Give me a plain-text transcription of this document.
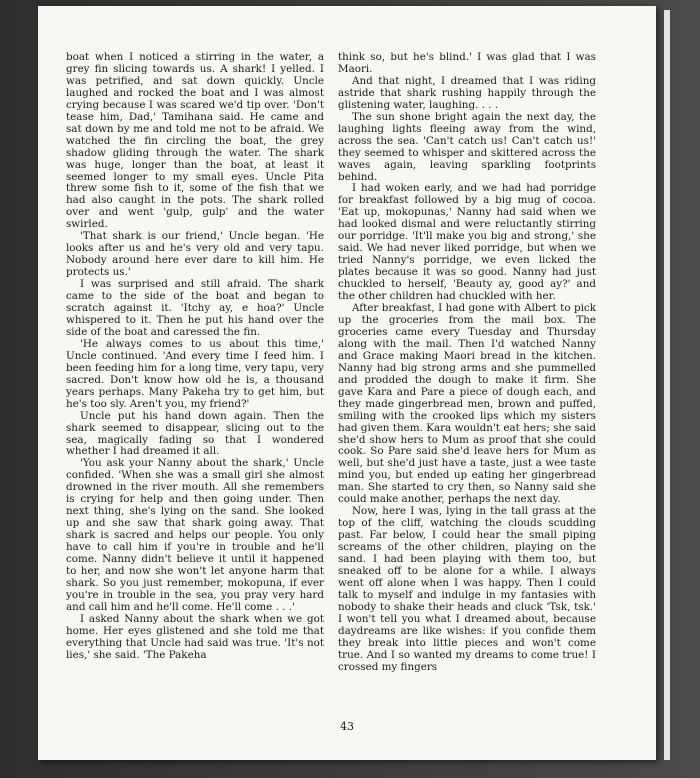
boat when I noticed a stirring in the water, a grey fin slicing towards us. A shark! I yelled. I was petrified, and sat down quickly. Uncle laughed and rocked the boat and I was almost crying because I was scared we'd tip over. 'Don't tease him, Dad,' Tamihana said. He came and sat down by me and told me not to be afraid. We watched the fin circling the boat, the grey shadow gliding through the water. The shark was huge, longer than the boat, at least it seemed longer to my small eyes. Uncle Pita threw some fish to it, some of the fish that we had also caught in the pots. The shark rolled over and went 'gulp, gulp' and the water swirled.

'That shark is our friend,' Uncle began. 'He looks after us and he's very old and very tapu. Nobody around here ever dare to kill him. He protects us.'

I was surprised and still afraid. The shark came to the side of the boat and began to scratch against it. 'Itchy ay, e hoa?' Uncle whispered to it. Then he put his hand over the side of the boat and caressed the fin.

'He always comes to us about this time,' Uncle continued. 'And every time I feed him. I been feeding him for a long time, very tapu, very sacred. Don't know how old he is, a thousand years perhaps. Many Pakeha try to get him, but he's too sly. Aren't you, my friend?'

Uncle put his hand down again. Then the shark seemed to disappear, slicing out to the sea, magically fading so that I wondered whether I had dreamed it all.

'You ask your Nanny about the shark,' Uncle confided. 'When she was a small girl she almost drowned in the river mouth. All she remembers is crying for help and then going under. Then next thing, she's lying on the sand. She looked up and she saw that shark going away. That shark is sacred and helps our people. You only have to call him if you're in trouble and he'll come. Nanny didn't believe it until it happened to her, and now she won't let anyone harm that shark. So you just remember, mokopuna, if ever you're in trouble in the sea, you pray very hard and call him and he'll come. He'll come . . .'

I asked Nanny about the shark when we got home. Her eyes glistened and she told me that everything that Uncle had said was true. 'It's not lies,' she said. 'The Pakeha

think so, but he's blind.' I was glad that I was Maori.

And that night, I dreamed that I was riding astride that shark rushing happily through the glistening water, laughing. . . .

The sun shone bright again the next day, the laughing lights fleeing away from the wind, across the sea. 'Can't catch us! Can't catch us!' they seemed to whisper and skittered across the waves again, leaving sparkling footprints behind.

I had woken early, and we had had porridge for breakfast followed by a big mug of cocoa. 'Eat up, mokopunas,' Nanny had said when we had looked dismal and were reluctantly stirring our porridge. 'It'll make you big and strong,' she said. We had never liked porridge, but when we tried Nanny's porridge, we even licked the plates because it was so good. Nanny had just chuckled to herself, 'Beauty ay, good ay?' and the other children had chuckled with her.

After breakfast, I had gone with Albert to pick up the groceries from the mail box. The groceries came every Tuesday and Thursday along with the mail. Then I'd watched Nanny and Grace making Maori bread in the kitchen. Nanny had big strong arms and she pummelled and prodded the dough to make it firm. She gave Kara and Pare a piece of dough each, and they made gingerbread men, brown and puffed, smiling with the crooked lips which my sisters had given them. Kara wouldn't eat hers; she said she'd show hers to Mum as proof that she could cook. So Pare said she'd leave hers for Mum as well, but she'd just have a taste, just a wee taste mind you, but ended up eating her gingerbread man. She started to cry then, so Nanny said she could make another, perhaps the next day.

Now, here I was, lying in the tall grass at the top of the cliff, watching the clouds scudding past. Far below, I could hear the small piping screams of the other children, playing on the sand. I had been playing with them too, but sneaked off to be alone for a while. I always went off alone when I was happy. Then I could talk to myself and indulge in my fantasies with nobody to shake their heads and cluck 'Tsk, tsk.' I won't tell you what I dreamed about, because daydreams are like wishes: if you confide them they break into little pieces and won't come true. And I so wanted my dreams to come true! I crossed my fingers

43
